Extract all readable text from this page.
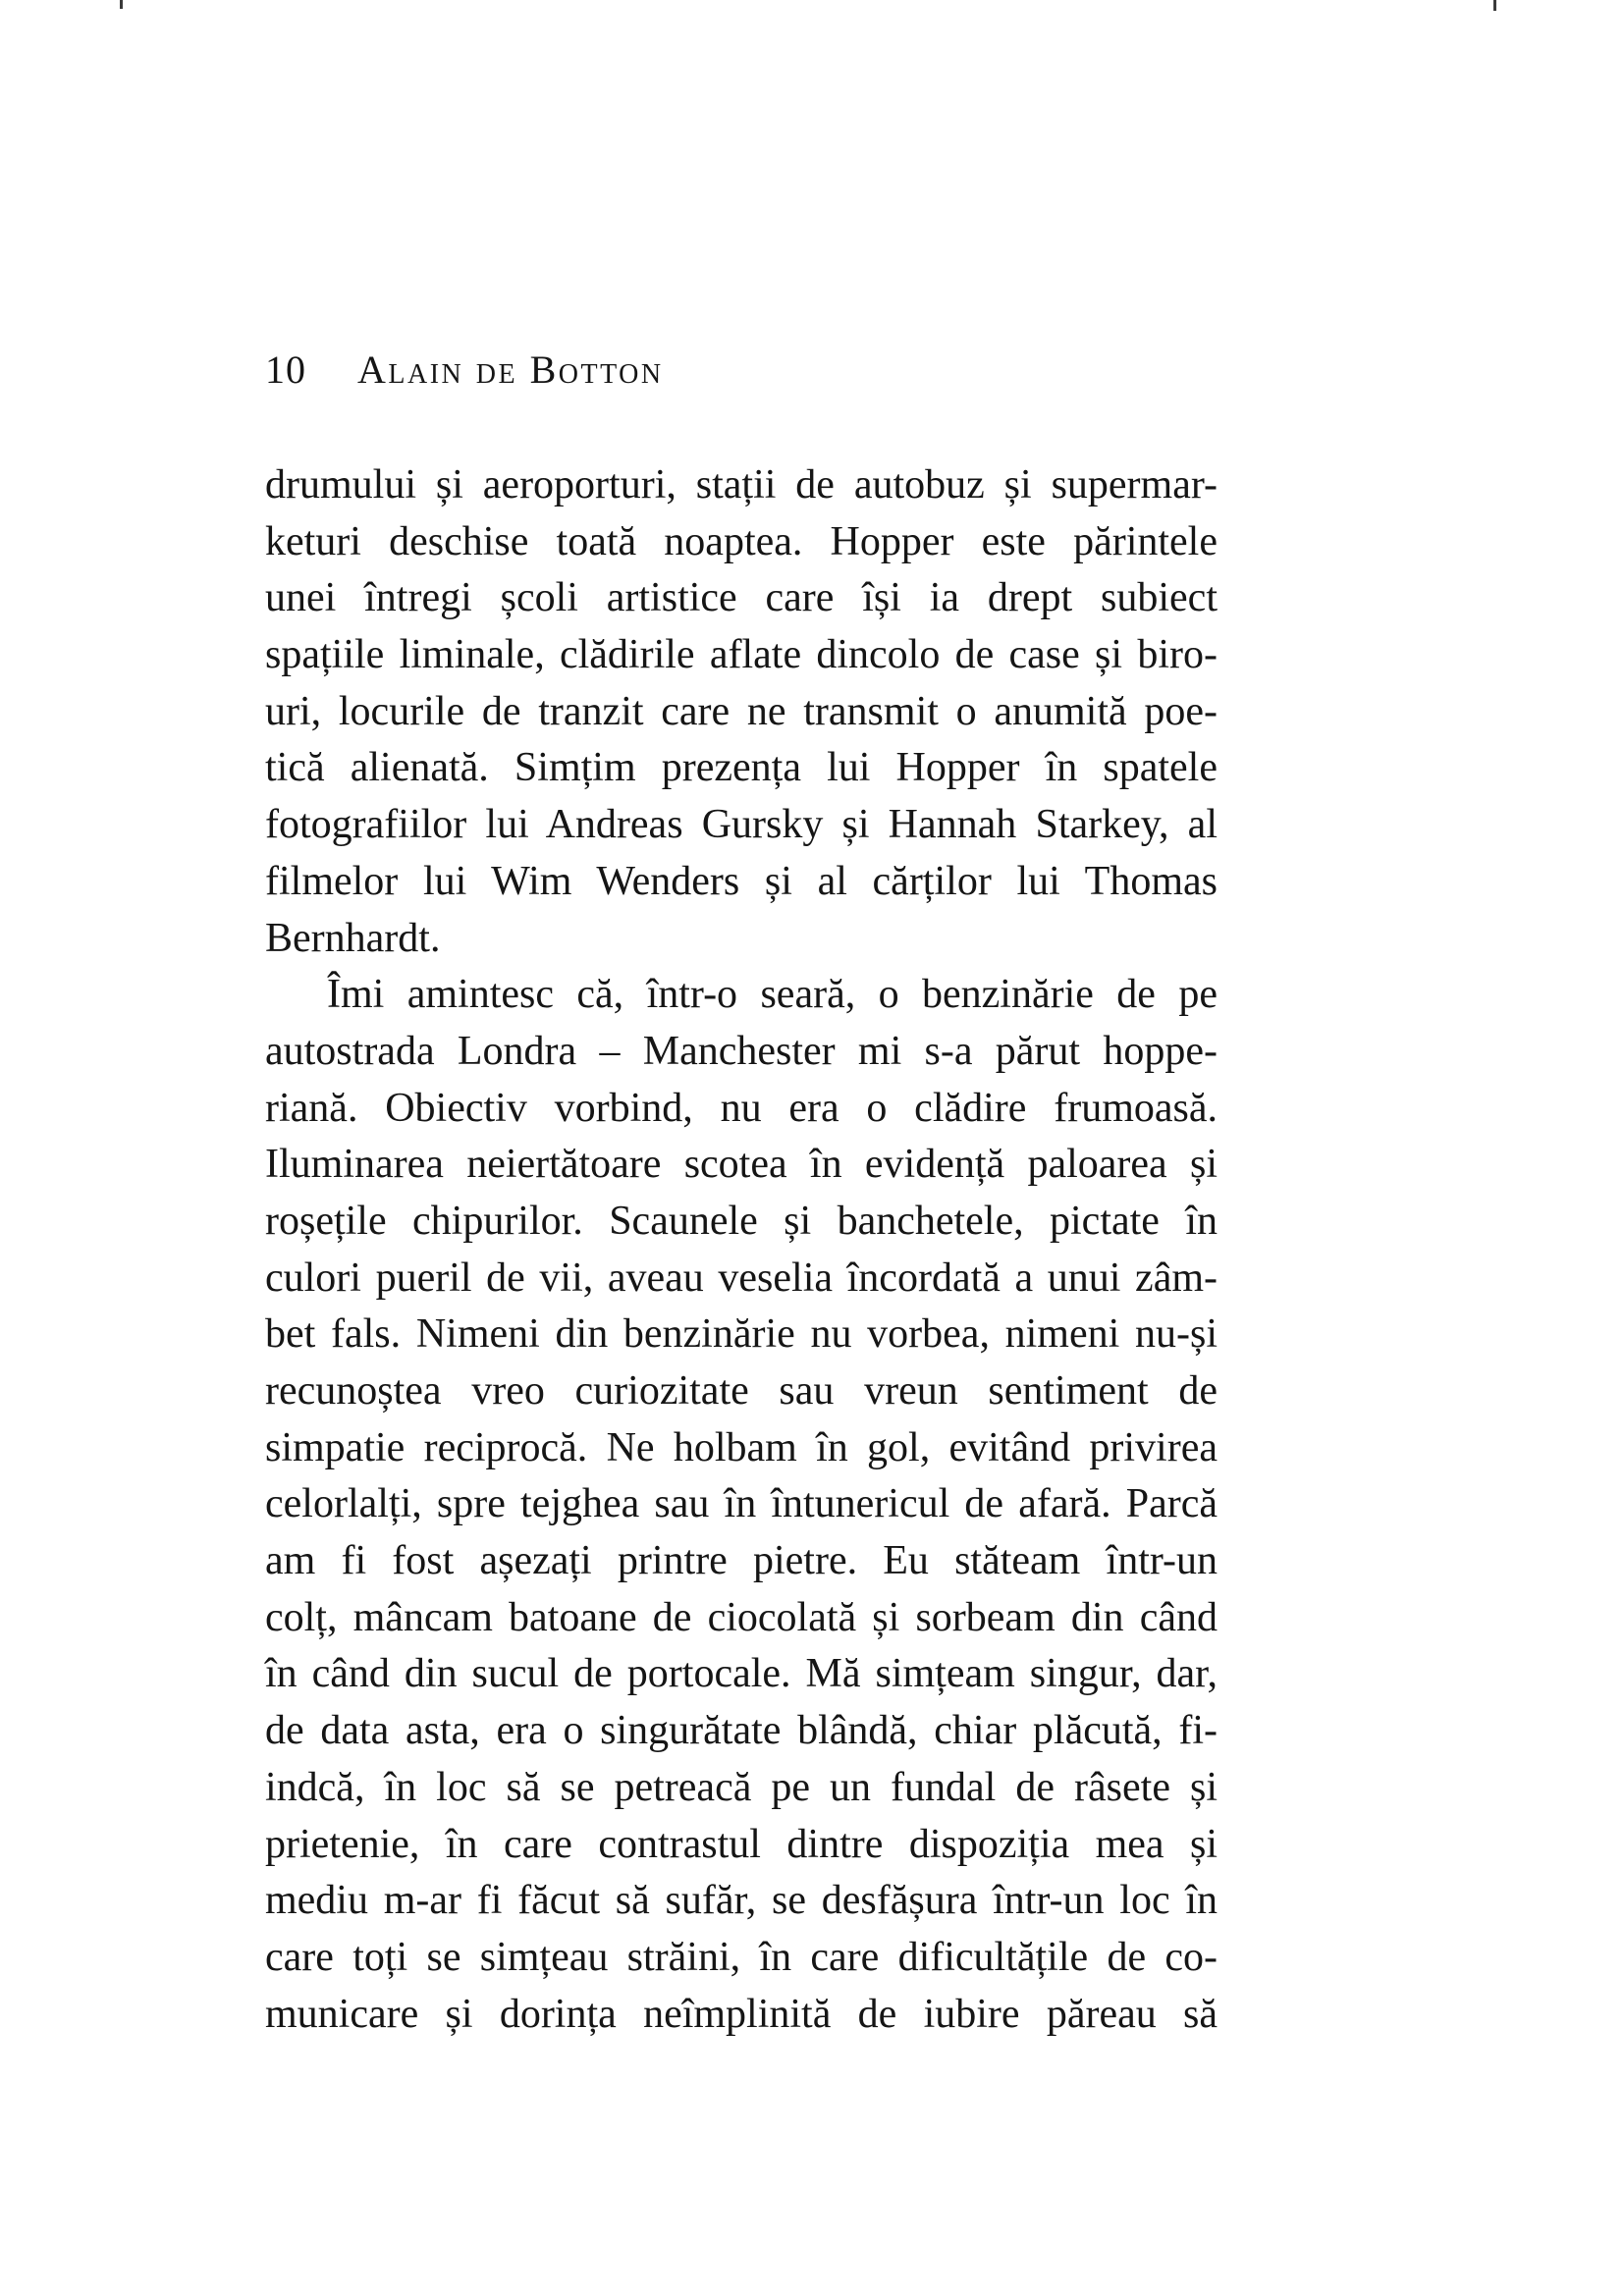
10 Alain de Botton
drumului și aeroporturi, stații de autobuz și supermar-
keturi deschise toată noaptea. Hopper este părintele
unei întregi școli artistice care își ia drept subiect
spațiile liminale, clădirile aflate dincolo de case și biro-
uri, locurile de tranzit care ne transmit o anumită poe-
tică alienată. Simțim prezența lui Hopper în spatele
fotografiilor lui Andreas Gursky și Hannah Starkey, al
filmelor lui Wim Wenders și al cărților lui Thomas
Bernhardt.
Îmi amintesc că, într-o seară, o benzinărie de pe
autostrada Londra – Manchester mi s-a părut hoppe-
riană. Obiectiv vorbind, nu era o clădire frumoasă.
Iluminarea neiertătoare scotea în evidență paloarea și
roșețile chipurilor. Scaunele și banchetele, pictate în
culori pueril de vii, aveau veselia încordată a unui zâm-
bet fals. Nimeni din benzinărie nu vorbea, nimeni nu-și
recunoștea vreo curiozitate sau vreun sentiment de
simpatie reciprocă. Ne holbam în gol, evitând privirea
celorlalți, spre tejghea sau în întunericul de afară. Parcă
am fi fost așezați printre pietre. Eu stăteam într-un
colț, mâncam batoane de ciocolată și sorbeam din când
în când din sucul de portocale. Mă simțeam singur, dar,
de data asta, era o singurătate blândă, chiar plăcută, fi-
indcă, în loc să se petreacă pe un fundal de râsete și
prietenie, în care contrastul dintre dispoziția mea și
mediu m-ar fi făcut să sufăr, se desfășura într-un loc în
care toți se simțeau străini, în care dificultățile de co-
municare și dorința neîmplinită de iubire păreau să
